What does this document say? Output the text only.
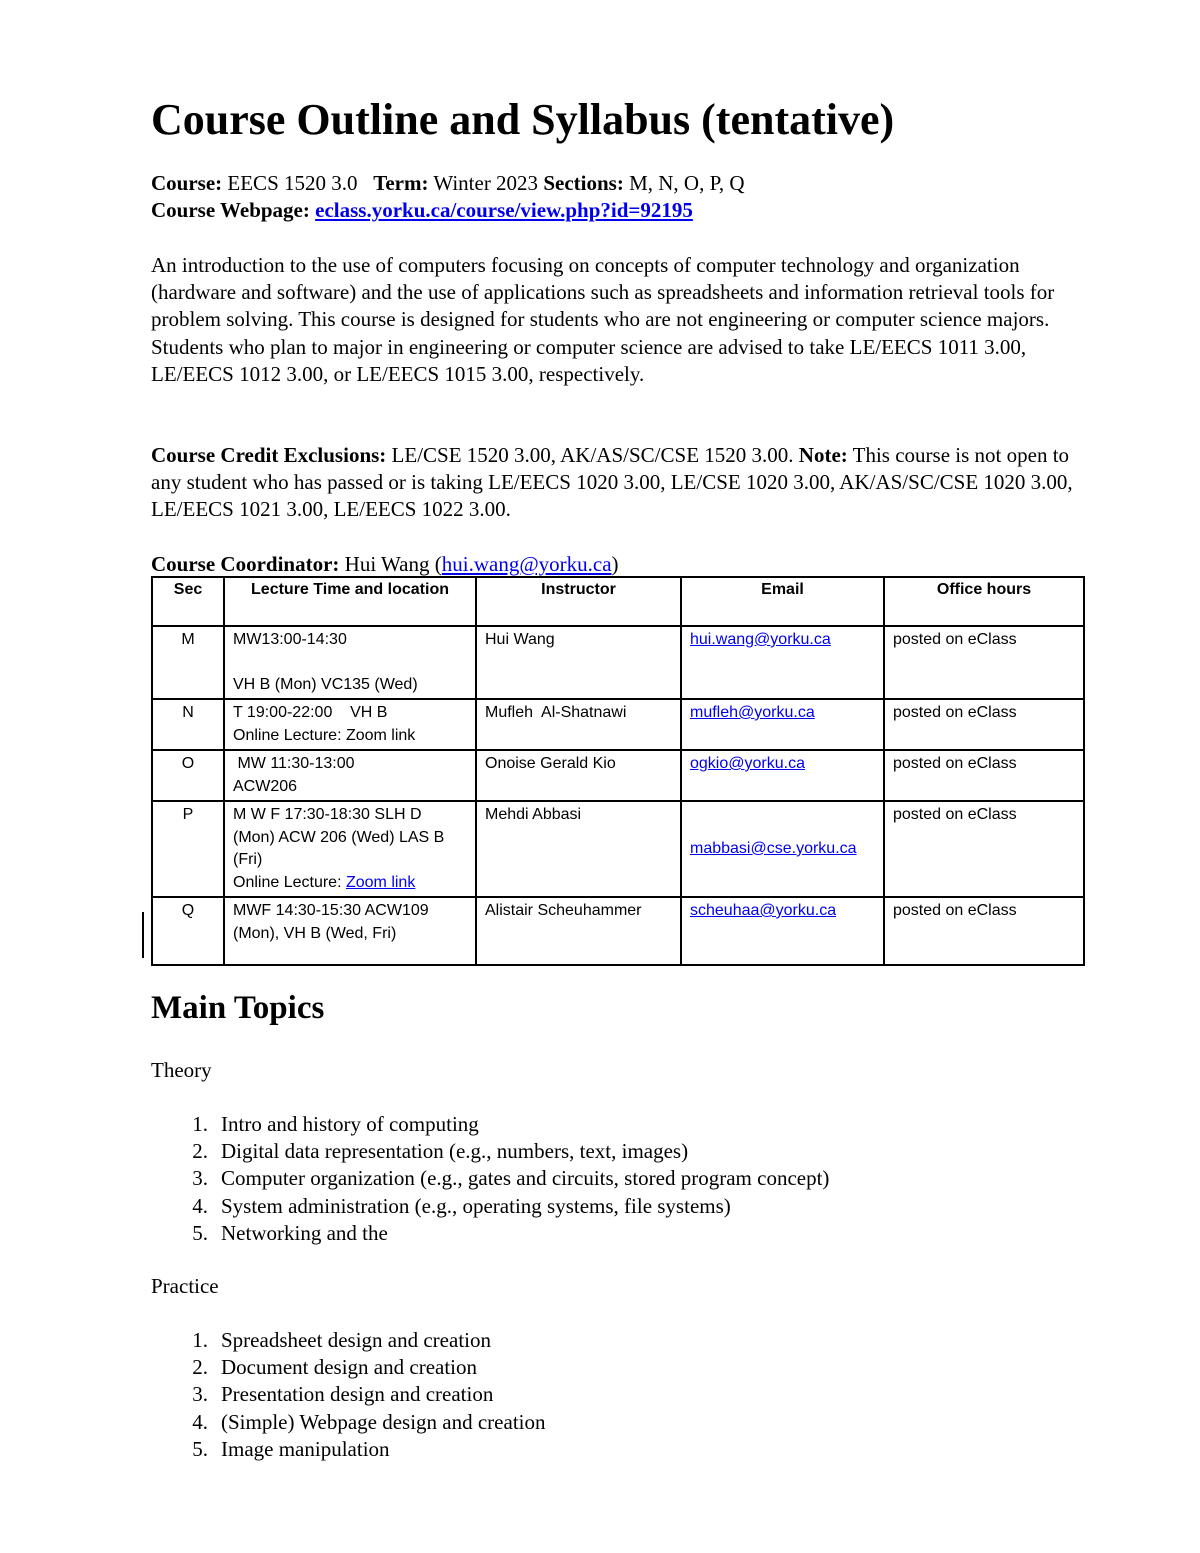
Course Outline and Syllabus (tentative)
Course: EECS 1520 3.0 Term: Winter 2023 Sections: M, N, O, P, Q
Course Webpage: eclass.yorku.ca/course/view.php?id=92195

An introduction to the use of computers focusing on concepts of computer technology and organization (hardware and software) and the use of applications such as spreadsheets and information retrieval tools for problem solving. This course is designed for students who are not engineering or computer science majors. Students who plan to major in engineering or computer science are advised to take LE/EECS 1011 3.00, LE/EECS 1012 3.00, or LE/EECS 1015 3.00, respectively.

Course Credit Exclusions: LE/CSE 1520 3.00, AK/AS/SC/CSE 1520 3.00. Note: This course is not open to any student who has passed or is taking LE/EECS 1020 3.00, LE/CSE 1020 3.00, AK/AS/SC/CSE 1020 3.00, LE/EECS 1021 3.00, LE/EECS 1022 3.00.

Course Coordinator: Hui Wang (hui.wang@yorku.ca)
Sec	Lecture Time and location	Instructor	Email	Office hours
M	MW13:00-14:30
VH B (Mon) VC135 (Wed)	Hui Wang	hui.wang@yorku.ca	posted on eClass
N	T 19:00-22:00    VH B
Online Lecture: Zoom link	Mufleh  Al-Shatnawi	mufleh@yorku.ca	posted on eClass
O	MW 11:30-13:00
ACW206	Onoise Gerald Kio	ogkio@yorku.ca	posted on eClass
P	M W F 17:30-18:30 SLH D (Mon) ACW 206 (Wed) LAS B (Fri)
Online Lecture: Zoom link	Mehdi Abbasi	mabbasi@cse.yorku.ca	posted on eClass
Q	MWF 14:30-15:30 ACW109 (Mon), VH B (Wed, Fri)	Alistair Scheuhammer	scheuhaa@yorku.ca	posted on eClass
Main Topics
Theory
1. Intro and history of computing
2. Digital data representation (e.g., numbers, text, images)
3. Computer organization (e.g., gates and circuits, stored program concept)
4. System administration (e.g., operating systems, file systems)
5. Networking and the
Practice
1. Spreadsheet design and creation
2. Document design and creation
3. Presentation design and creation
4. (Simple) Webpage design and creation
5. Image manipulation
